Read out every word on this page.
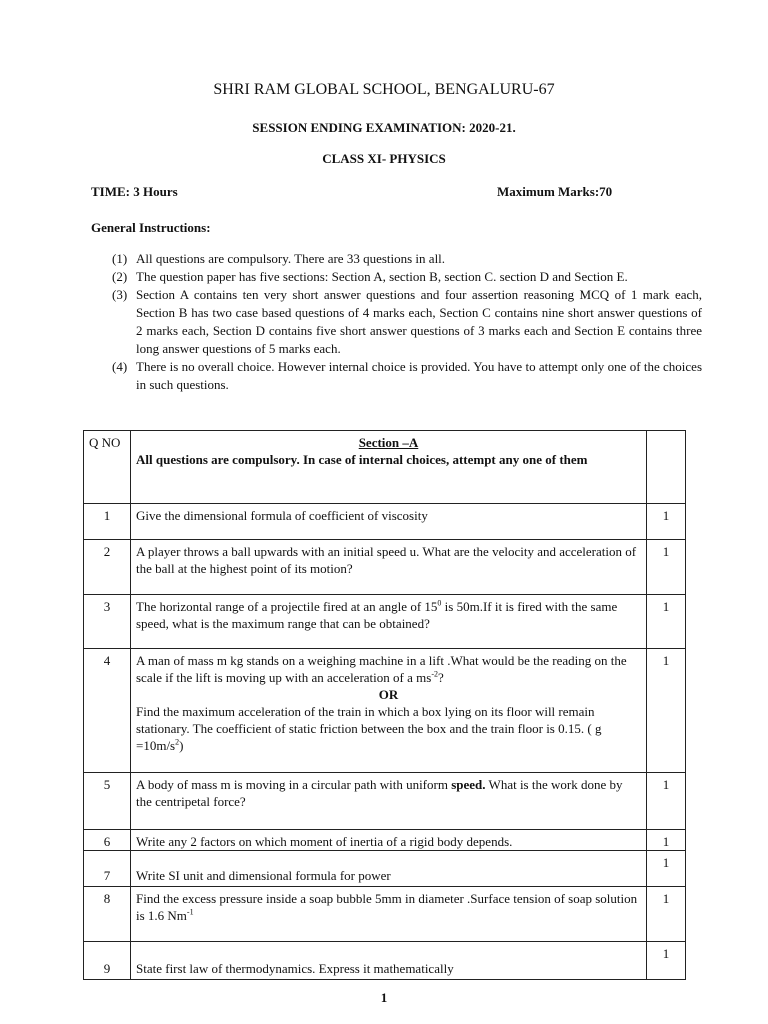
SHRI RAM GLOBAL SCHOOL, BENGALURU-67
SESSION ENDING EXAMINATION: 2020-21.
CLASS XI- PHYSICS
TIME: 3 Hours	Maximum Marks:70
General Instructions:
(1) All questions are compulsory. There are 33 questions in all.
(2) The question paper has five sections: Section A, section B, section C. section D and Section E.
(3) Section A contains ten very short answer questions and four assertion reasoning MCQ of 1 mark each, Section B has two case based questions of 4 marks each, Section C contains nine short answer questions of 2 marks each, Section D contains five short answer questions of 3 marks each and Section E contains three long answer questions of 5 marks each.
(4) There is no overall choice. However internal choice is provided. You have to attempt only one of the choices in such questions.
Q NO	Section –A
All questions are compulsory. In case of internal choices, attempt any one of them	

1	Give the dimensional formula of coefficient of viscosity	1
2	A player throws a ball upwards with an initial speed u. What are the velocity and acceleration of the ball at the highest point of its motion?	1
3	The horizontal range of a projectile fired at an angle of $15^0$ is 50m.If it is fired with the same speed, what is the maximum range that can be obtained?	1
4	A man of mass m kg stands on a weighing machine in a lift .What would be the reading on the scale if the lift is moving up with an acceleration of a $ms^{-2}$?
OR
Find the maximum acceleration of the train in which a box lying on its floor will remain stationary. The coefficient of static friction between the box and the train floor is 0.15. ( $g =10m/s^2$)	1
5	A body of mass m is moving in a circular path with uniform speed. What is the work done by the centripetal force?	1
6	Write any 2 factors on which moment of inertia of a rigid body depends.	1
7	Write SI unit and dimensional formula for power	1
8	Find the excess pressure inside a soap bubble 5mm in diameter .Surface tension of soap solution is 1.6 $Nm^{-1}$	1
9	State first law of thermodynamics. Express it mathematically	1
1
